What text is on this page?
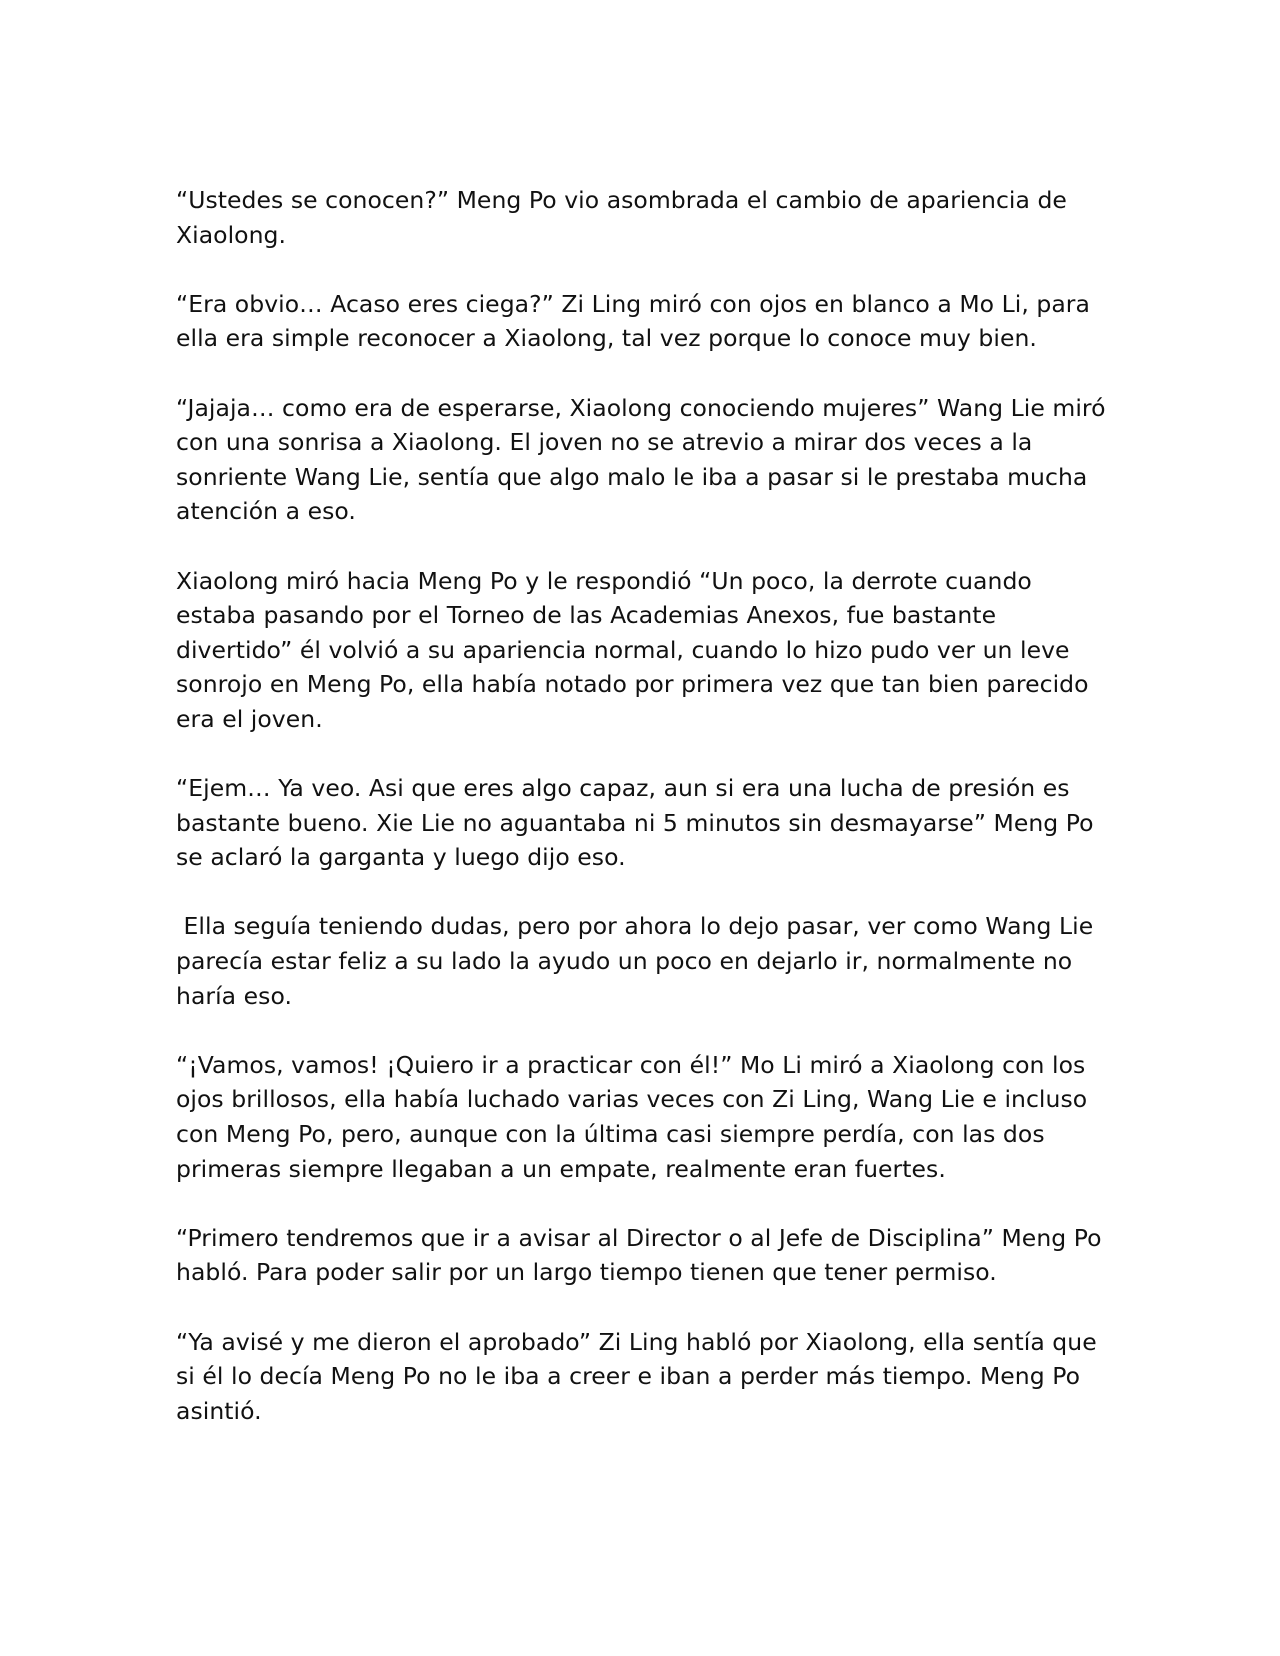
“Ustedes se conocen?” Meng Po vio asombrada el cambio de apariencia de Xiaolong.

“Era obvio… Acaso eres ciega?” Zi Ling miró con ojos en blanco a Mo Li, para ella era simple reconocer a Xiaolong, tal vez porque lo conoce muy bien.

“Jajaja… como era de esperarse, Xiaolong conociendo mujeres” Wang Lie miró con una sonrisa a Xiaolong. El joven no se atrevio a mirar dos veces a la sonriente Wang Lie, sentía que algo malo le iba a pasar si le prestaba mucha atención a eso.

Xiaolong miró hacia Meng Po y le respondió “Un poco, la derrote cuando estaba pasando por el Torneo de las Academias Anexos, fue bastante divertido” él volvió a su apariencia normal, cuando lo hizo pudo ver un leve sonrojo en Meng Po, ella había notado por primera vez que tan bien parecido era el joven.

“Ejem… Ya veo. Asi que eres algo capaz, aun si era una lucha de presión es bastante bueno. Xie Lie no aguantaba ni 5 minutos sin desmayarse” Meng Po se aclaró la garganta y luego dijo eso.

Ella seguía teniendo dudas, pero por ahora lo dejo pasar, ver como Wang Lie parecía estar feliz a su lado la ayudo un poco en dejarlo ir, normalmente no haría eso.

“¡Vamos, vamos! ¡Quiero ir a practicar con él!” Mo Li miró a Xiaolong con los ojos brillosos, ella había luchado varias veces con Zi Ling, Wang Lie e incluso con Meng Po, pero, aunque con la última casi siempre perdía, con las dos primeras siempre llegaban a un empate, realmente eran fuertes.

“Primero tendremos que ir a avisar al Director o al Jefe de Disciplina” Meng Po habló. Para poder salir por un largo tiempo tienen que tener permiso.

“Ya avisé y me dieron el aprobado” Zi Ling habló por Xiaolong, ella sentía que si él lo decía Meng Po no le iba a creer e iban a perder más tiempo. Meng Po asintió.
